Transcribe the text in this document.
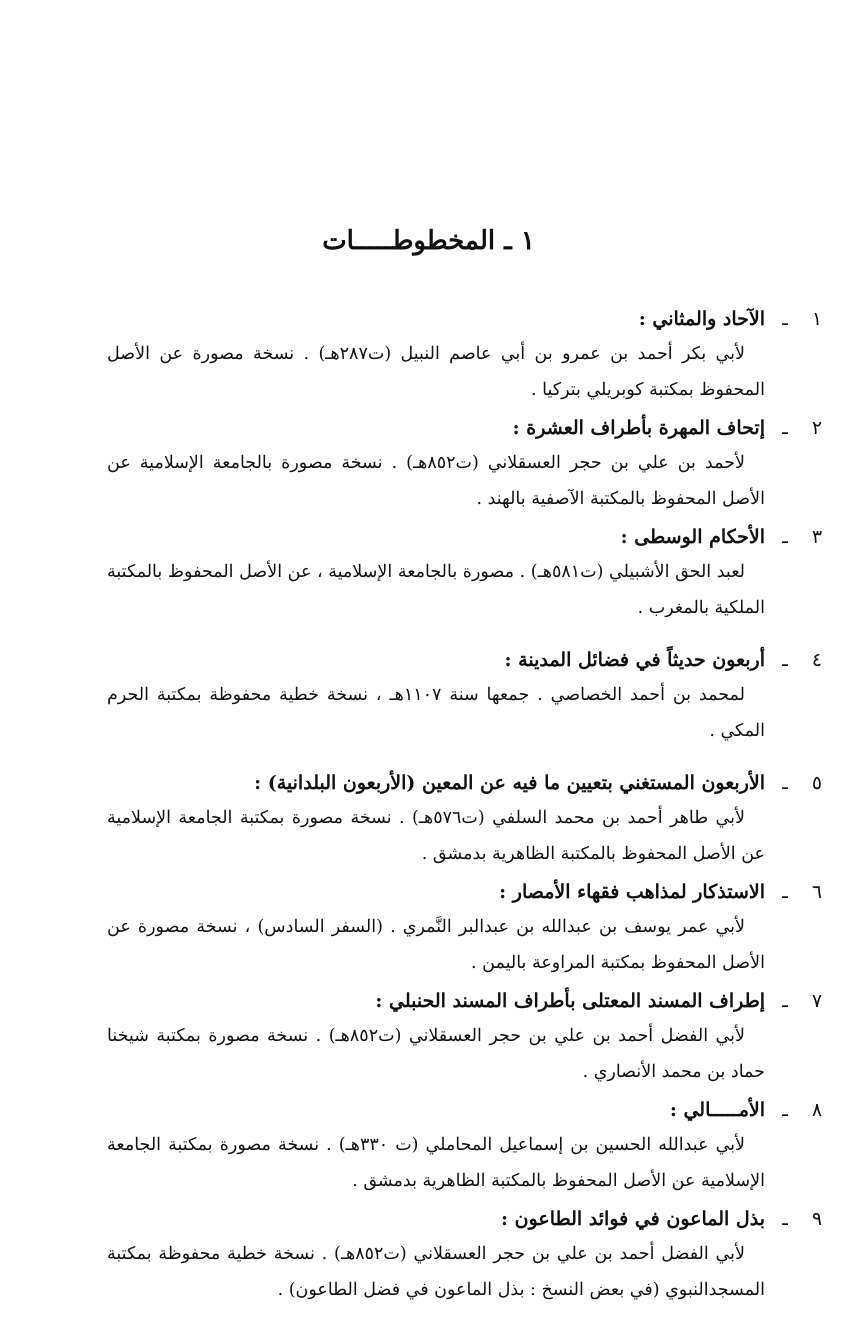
١ ـ المخطوطـــــات
١
ـ
الآحاد والمثاني :
لأبي بكر أحمد بن عمرو بن أبي عاصم النبيل (ت٢٨٧هـ) . نسخة مصورة عن الأصل المحفوظ بمكتبة كوبريلي بتركيا .
٢
ـ
إتحاف المهرة بأطراف العشرة :
لأحمد بن علي بن حجر العسقلاني (ت٨٥٢هـ) . نسخة مصورة بالجامعة الإسلامية عن الأصل المحفوظ بالمكتبة الآصفية بالهند .
٣
ـ
الأحكام الوسطى :
لعبد الحق الأشبيلي (ت٥٨١هـ) . مصورة بالجامعة الإسلامية ، عن الأصل المحفوظ بالمكتبة الملكية بالمغرب .
٤
ـ
أربعون حديثاً في فضائل المدينة :
لمحمد بن أحمد الخصاصي . جمعها سنة ١١٠٧هـ ، نسخة خطية محفوظة بمكتبة الحرم المكي .
٥
ـ
الأربعون المستغني بتعيين ما فيه عن المعين (الأربعون البلدانية) :
لأبي طاهر أحمد بن محمد السلفي (ت٥٧٦هـ) . نسخة مصورة بمكتبة الجامعة الإسلامية عن الأصل المحفوظ بالمكتبة الظاهرية بدمشق .
٦
ـ
الاستذكار لمذاهب فقهاء الأمصار :
لأبي عمر يوسف بن عبدالله بن عبدالبر النَّمري . (السفر السادس) ، نسخة مصورة عن الأصل المحفوظ بمكتبة المراوعة باليمن .
٧
ـ
إطراف المسند المعتلى بأطراف المسند الحنبلي :
لأبي الفضل أحمد بن علي بن حجر العسقلاني (ت٨٥٢هـ) . نسخة مصورة بمكتبة شيخنا حماد بن محمد الأنصاري .
٨
ـ
الأمـــــالي :
لأبي عبدالله الحسين بن إسماعيل المحاملي (ت ٣٣٠هـ) . نسخة مصورة بمكتبة الجامعة الإسلامية عن الأصل المحفوظ بالمكتبة الظاهرية بدمشق .
٩
ـ
بذل الماعون في فوائد الطاعون :
لأبي الفضل أحمد بن علي بن حجر العسقلاني (ت٨٥٢هـ) . نسخة خطية محفوظة بمكتبة المسجدالنبوي (في بعض النسخ : بذل الماعون في فضل الطاعون) .
